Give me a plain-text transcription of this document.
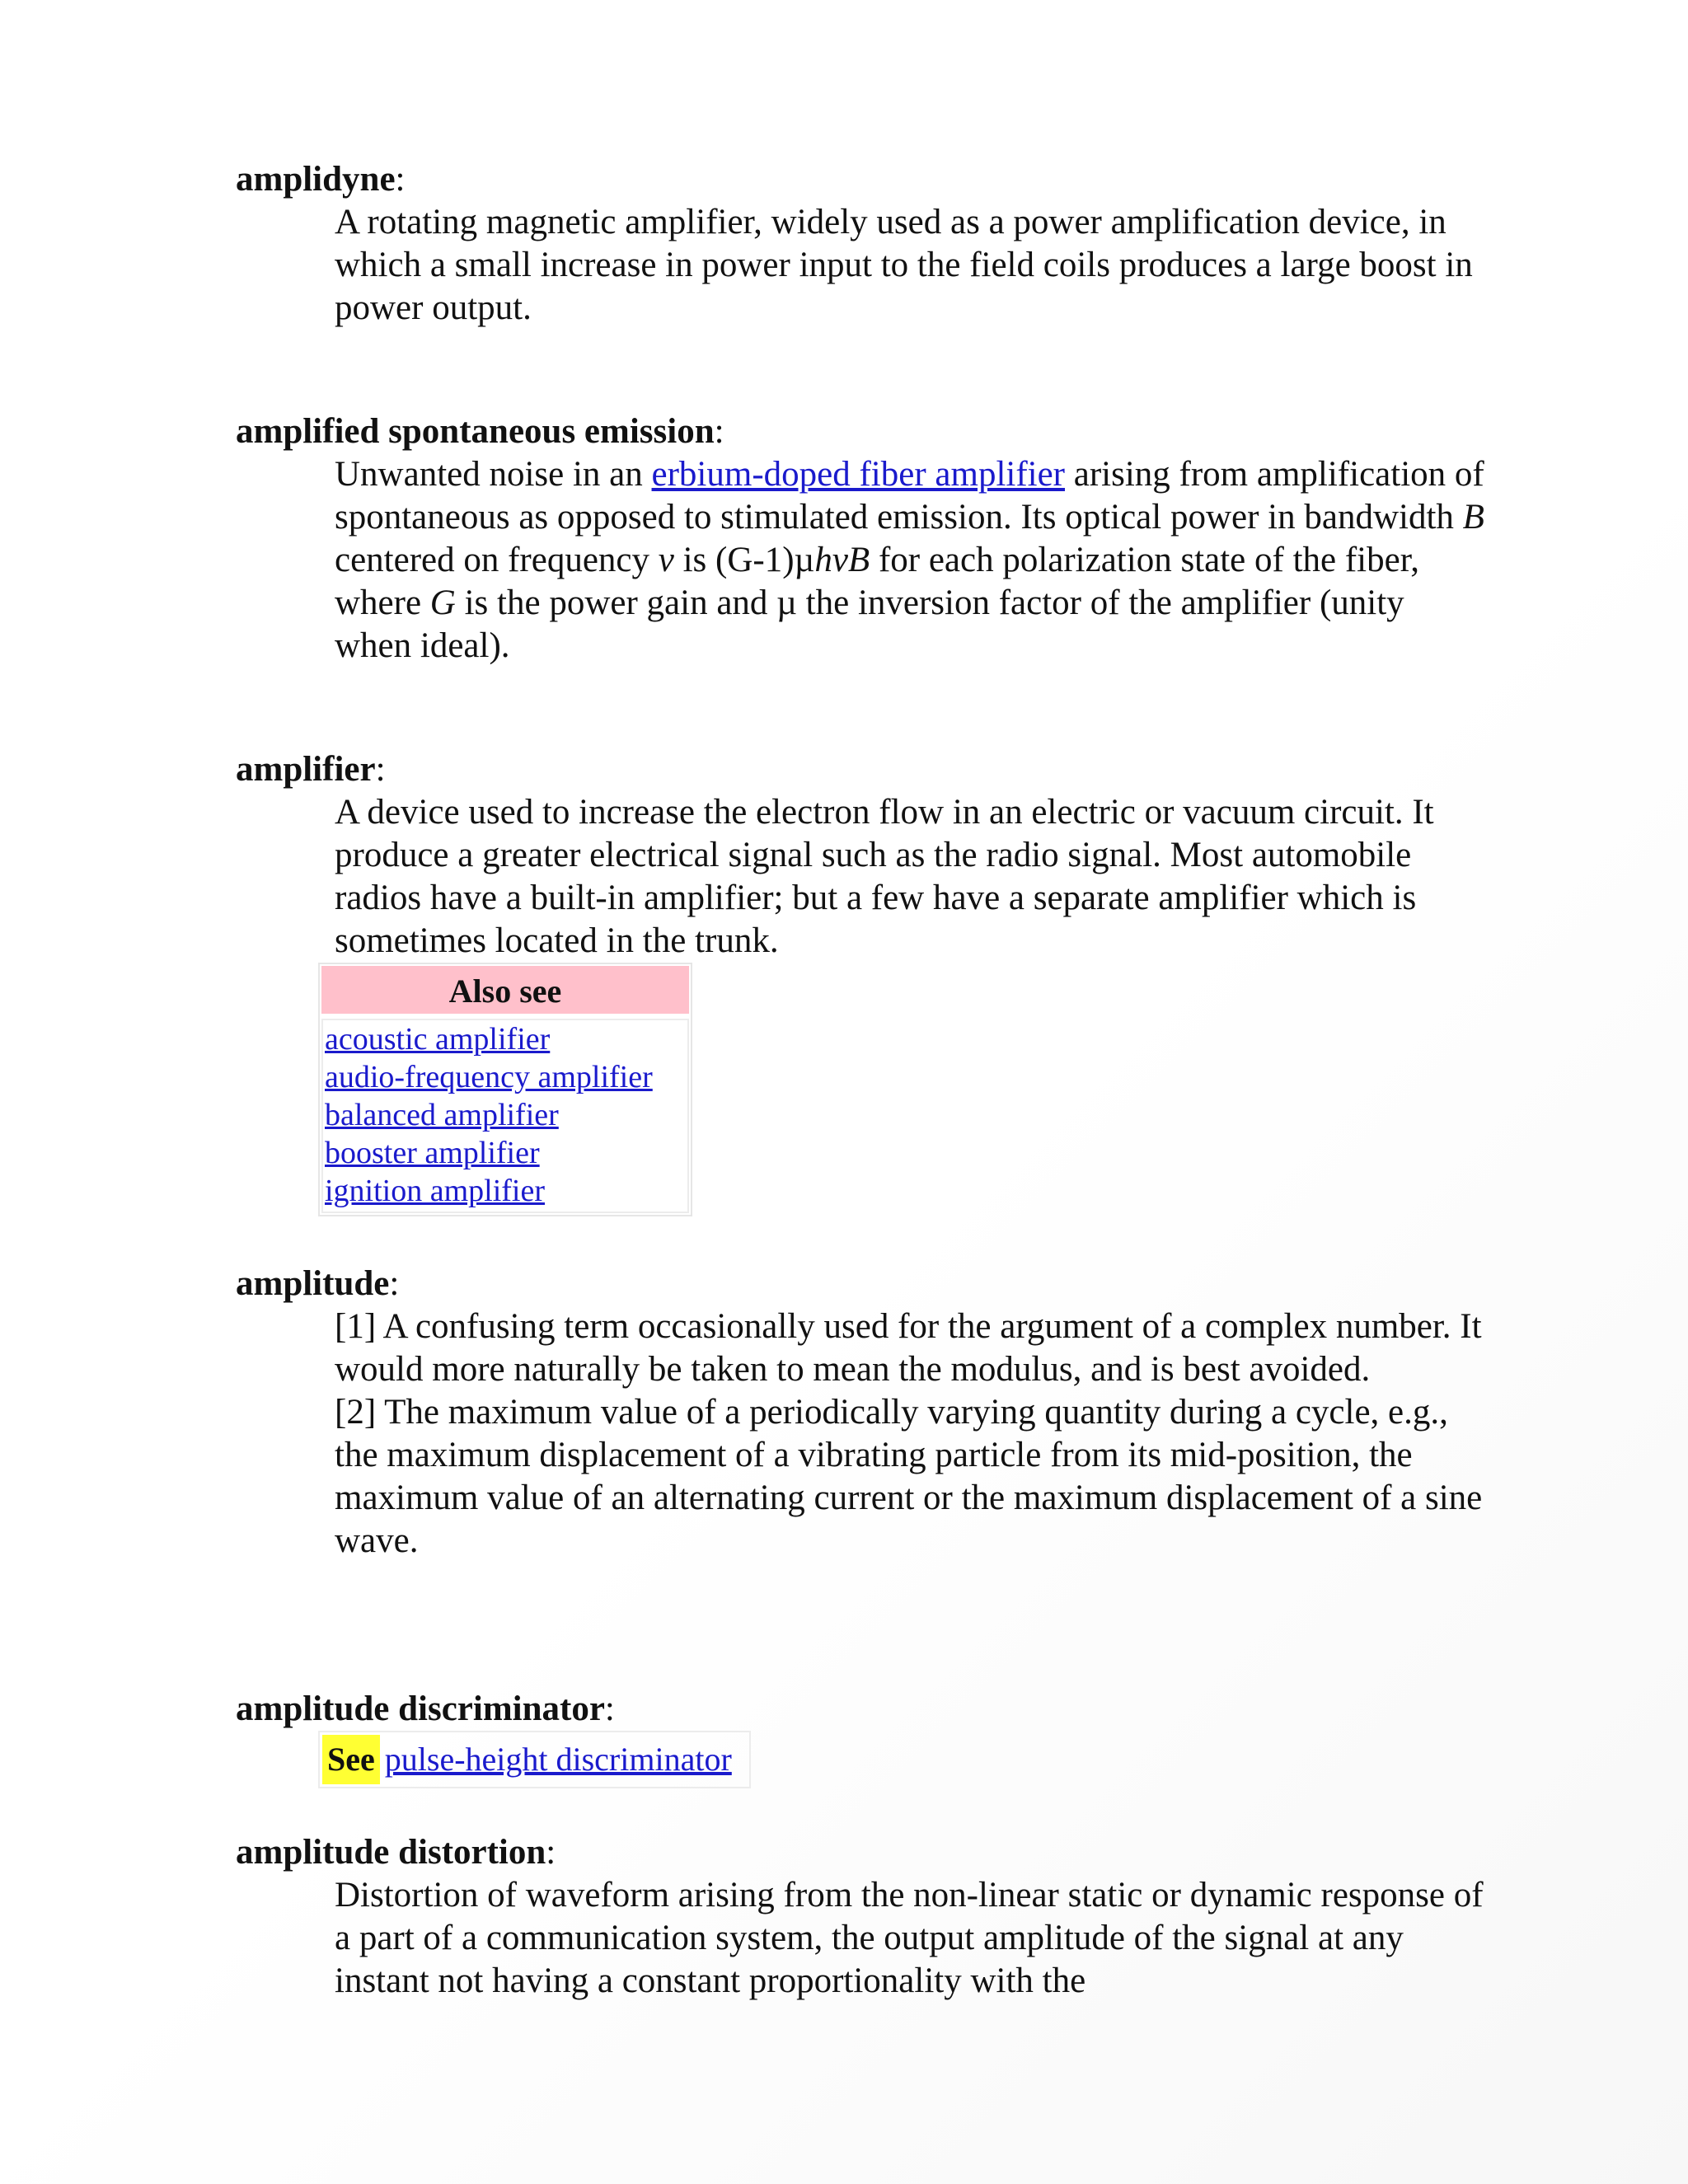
amplidyne:

A rotating magnetic amplifier, widely used as a power amplification device, in which a small increase in power input to the field coils produces a large boost in power output.

amplified spontaneous emission:

Unwanted noise in an erbium-doped fiber amplifier arising from amplification of spontaneous as opposed to stimulated emission. Its optical power in bandwidth B centered on frequency v is (G-1)µhvB for each polarization state of the fiber, where G is the power gain and µ the inversion factor of the amplifier (unity when ideal).

amplifier:

A device used to increase the electron flow in an electric or vacuum circuit. It produce a greater electrical signal such as the radio signal. Most automobile radios have a built-in amplifier; but a few have a separate amplifier which is sometimes located in the trunk.

Also see
acoustic amplifier
audio-frequency amplifier
balanced amplifier
booster amplifier
ignition amplifier
amplitude:

[1] A confusing term occasionally used for the argument of a complex number. It would more naturally be taken to mean the modulus, and is best avoided.

[2] The maximum value of a periodically varying quantity during a cycle, e.g., the maximum displacement of a vibrating particle from its mid-position, the maximum value of an alternating current or the maximum displacement of a sine wave.

amplitude discriminator:
See pulse-height discriminator
amplitude distortion:

Distortion of waveform arising from the non-linear static or dynamic response of a part of a communication system, the output amplitude of the signal at any instant not having a constant proportionality with the
